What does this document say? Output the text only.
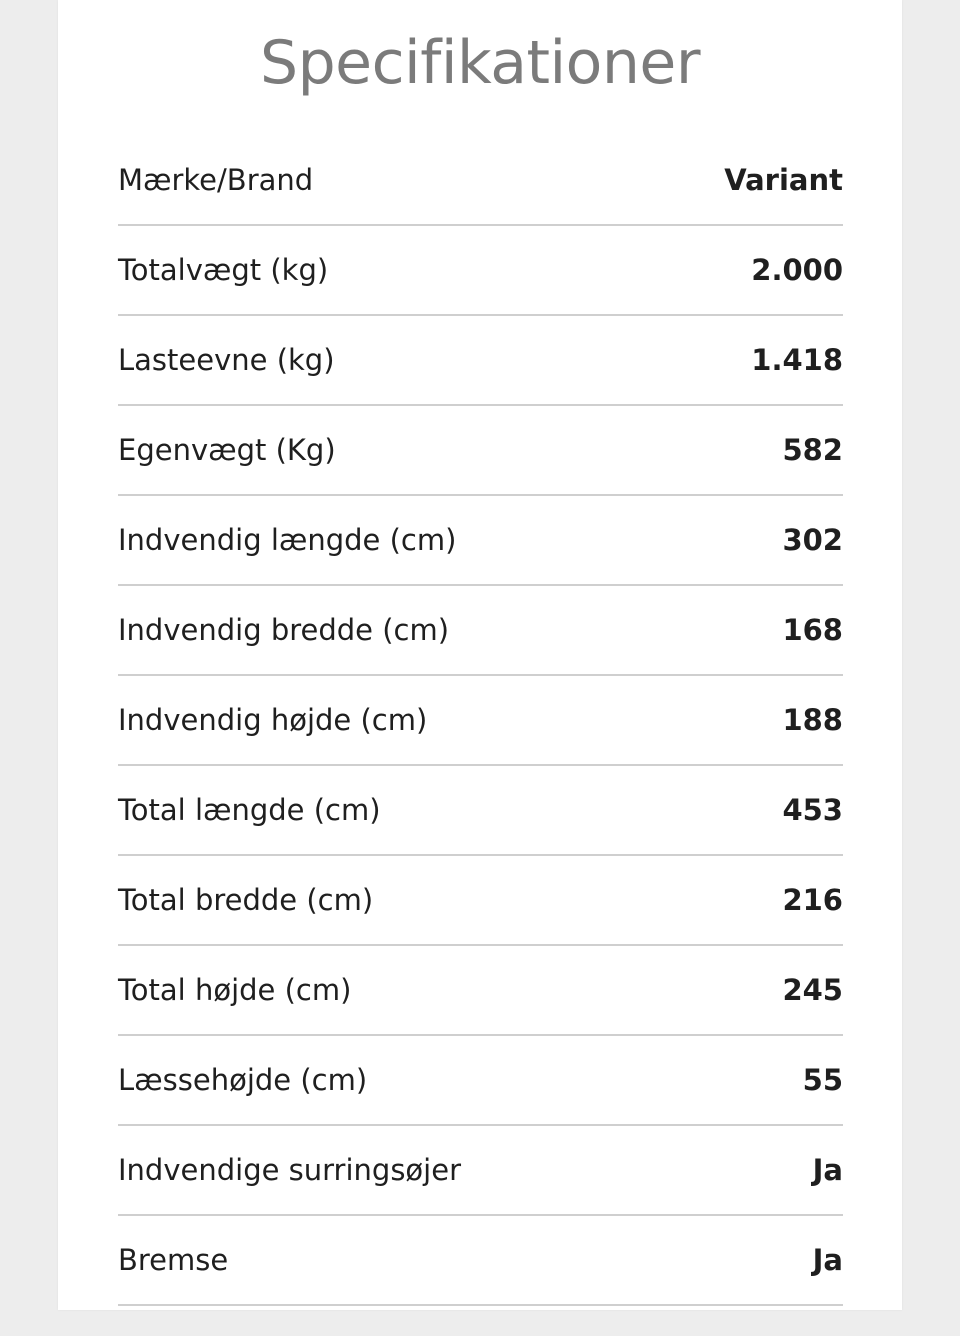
Specifikationer
Mærke/Brand	Variant
Totalvægt (kg)	2.000
Lasteevne (kg)	1.418
Egenvægt (Kg)	582
Indvendig længde (cm)	302
Indvendig bredde (cm)	168
Indvendig højde (cm)	188
Total længde (cm)	453
Total bredde (cm)	216
Total højde (cm)	245
Læssehøjde (cm)	55
Indvendige surringsøjer	Ja
Bremse	Ja
